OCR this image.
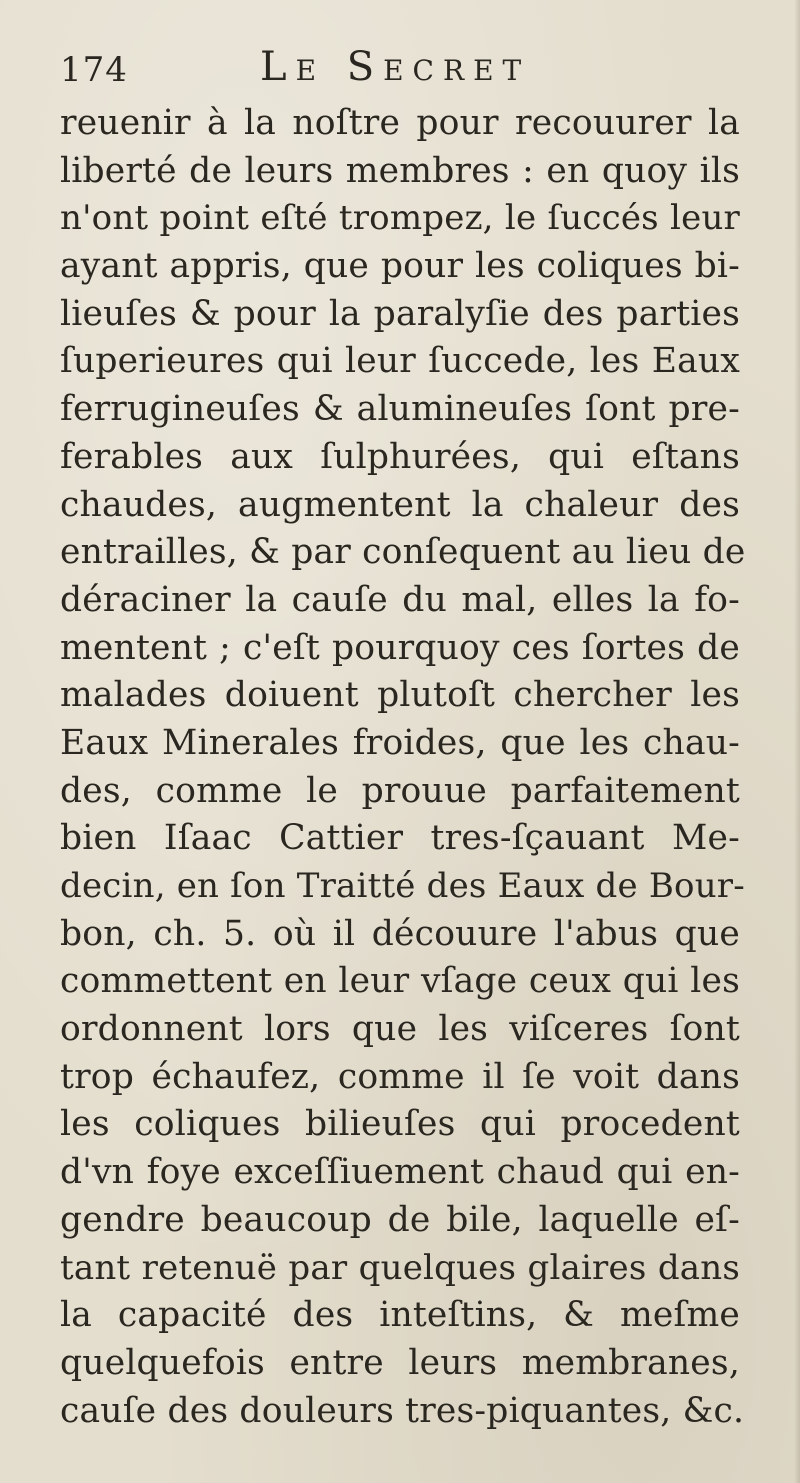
174	Le Secret
reuenir à la noſtre pour recouurer la
liberté de leurs membres : en quoy ils
n'ont point eſté trompez, le ſuccés leur
ayant appris, que pour les coliques bi-
lieuſes & pour la paralyſie des parties
ſuperieures qui leur ſuccede, les Eaux
ferrugineuſes & alumineuſes ſont pre-
ferables aux ſulphurées, qui eſtans
chaudes, augmentent la chaleur des
entrailles, & par conſequent au lieu de
déraciner la cauſe du mal, elles la fo-
mentent ; c'eſt pourquoy ces ſortes de
malades doiuent plutoſt chercher les
Eaux Minerales froides, que les chau-
des, comme le prouue parfaitement
bien Iſaac Cattier tres-ſçauant Me-
decin, en ſon Traitté des Eaux de Bour-
bon, ch. 5. où il découure l'abus que
commettent en leur vſage ceux qui les
ordonnent lors que les viſceres ſont
trop échaufez, comme il ſe voit dans
les coliques bilieuſes qui procedent
d'vn foye exceſſiuement chaud qui en-
gendre beaucoup de bile, laquelle eſ-
tant retenuë par quelques glaires dans
la capacité des inteſtins, & meſme
quelquefois entre leurs membranes,
cauſe des douleurs tres-piquantes, &c.
